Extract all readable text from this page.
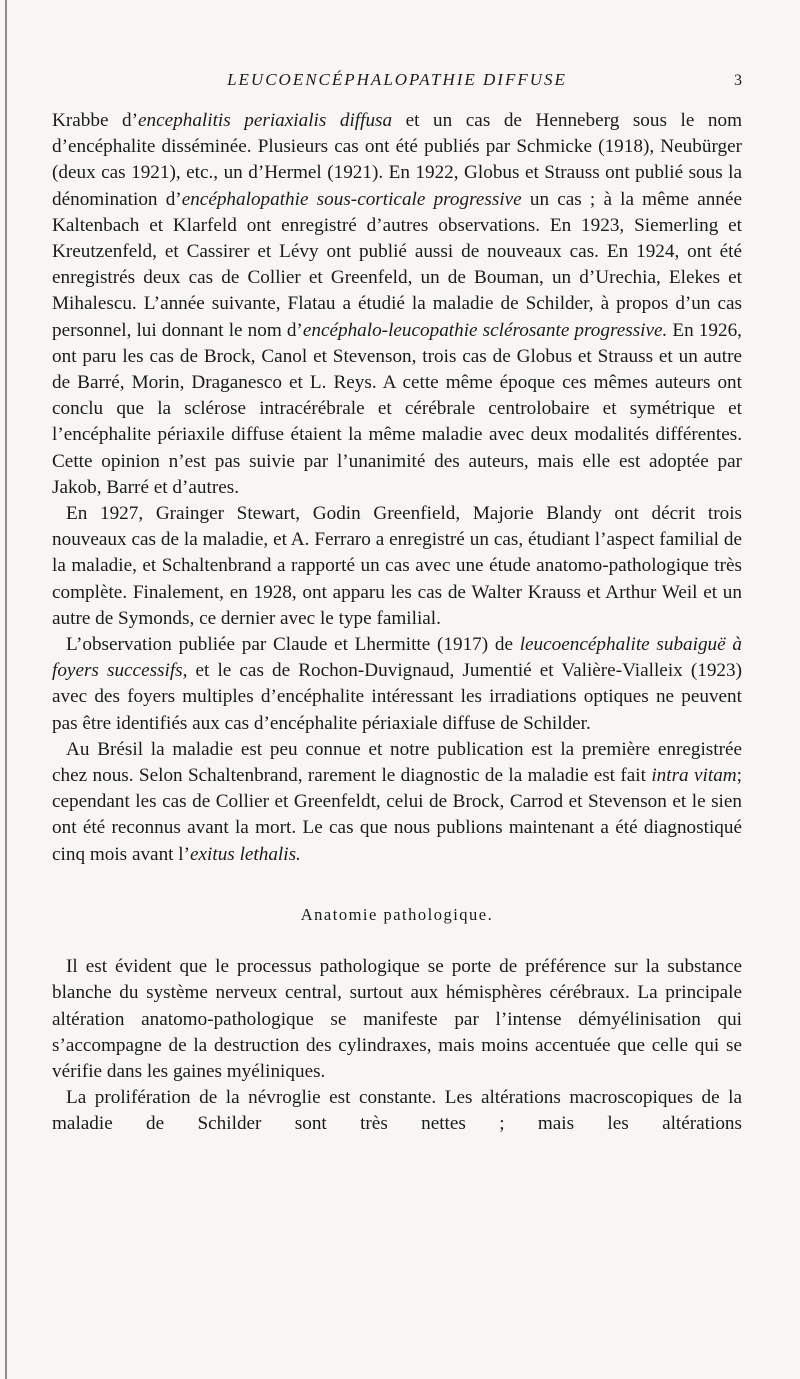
LEUCOENCÉPHALOPATHIE DIFFUSE	3

Krabbe d’encephalitis periaxialis diffusa et un cas de Henneberg sous le nom d’encéphalite disséminée. Plusieurs cas ont été publiés par Schmicke (1918), Neubürger (deux cas 1921), etc., un d’Hermel (1921). En 1922, Globus et Strauss ont publié sous la dénomination d’encéphalopathie sous-corticale progressive un cas ; à la même année Kaltenbach et Klarfeld ont enregistré d’autres observations. En 1923, Siemerling et Kreutzenfeld, et Cassirer et Lévy ont publié aussi de nouveaux cas. En 1924, ont été enregistrés deux cas de Collier et Greenfeld, un de Bouman, un d’Urechia, Elekes et Mihalescu. L’année suivante, Flatau a étudié la maladie de Schilder, à propos d’un cas personnel, lui donnant le nom d’encéphalo-leucopathie sclérosante progressive. En 1926, ont paru les cas de Brock, Canol et Stevenson, trois cas de Globus et Strauss et un autre de Barré, Morin, Draganesco et L. Reys. A cette même époque ces mêmes auteurs ont conclu que la sclérose intracérébrale et cérébrale centrolobaire et symétrique et l’encéphalite périaxile diffuse étaient la même maladie avec deux modalités différentes. Cette opinion n’est pas suivie par l’unanimité des auteurs, mais elle est adoptée par Jakob, Barré et d’autres.

En 1927, Grainger Stewart, Godin Greenfield, Majorie Blandy ont décrit trois nouveaux cas de la maladie, et A. Ferraro a enregistré un cas, étudiant l’aspect familial de la maladie, et Schaltenbrand a rapporté un cas avec une étude anatomo-pathologique très complète. Finalement, en 1928, ont apparu les cas de Walter Krauss et Arthur Weil et un autre de Symonds, ce dernier avec le type familial.

L’observation publiée par Claude et Lhermitte (1917) de leucoencéphalite subaiguë à foyers successifs, et le cas de Rochon-Duvignaud, Jumentié et Valière-Vialleix (1923) avec des foyers multiples d’encéphalite intéressant les irradiations optiques ne peuvent pas être identifiés aux cas d’encéphalite périaxiale diffuse de Schilder.

Au Brésil la maladie est peu connue et notre publication est la première enregistrée chez nous. Selon Schaltenbrand, rarement le diagnostic de la maladie est fait intra vitam; cependant les cas de Collier et Greenfeldt, celui de Brock, Carrod et Stevenson et le sien ont été reconnus avant la mort. Le cas que nous publions maintenant a été diagnostiqué cinq mois avant l’exitus lethalis.

Anatomie pathologique.

Il est évident que le processus pathologique se porte de préférence sur la substance blanche du système nerveux central, surtout aux hémisphères cérébraux. La principale altération anatomo-pathologique se manifeste par l’intense démyélinisation qui s’accompagne de la destruction des cylindraxes, mais moins accentuée que celle qui se vérifie dans les gaines myéliniques.

La prolifération de la névroglie est constante. Les altérations macroscopiques de la maladie de Schilder sont très nettes ; mais les altérations
